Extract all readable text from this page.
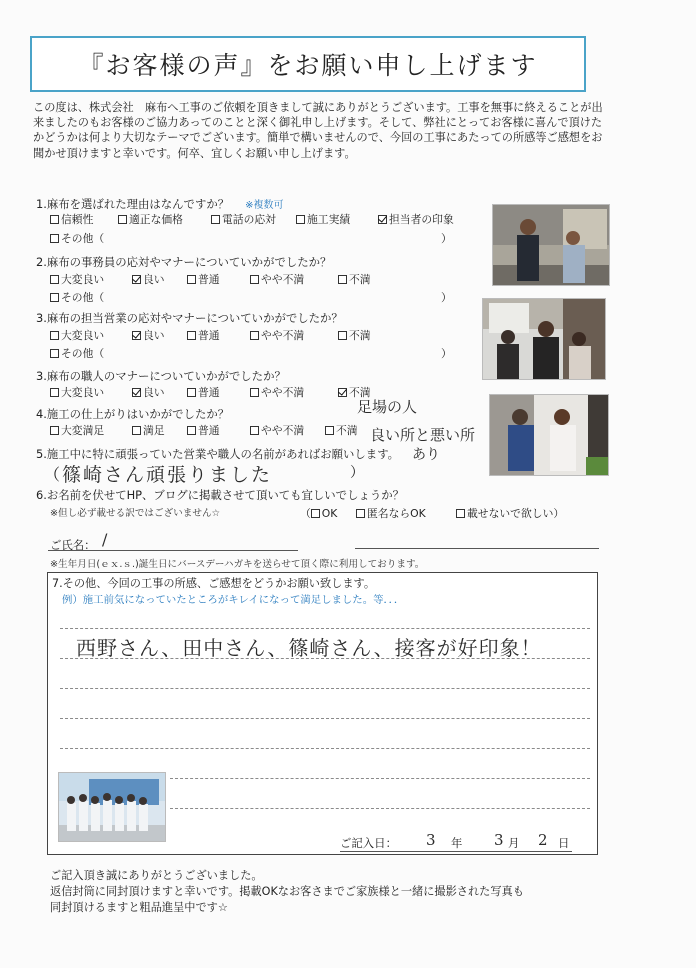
『お客様の声』をお願い申し上げます
この度は、株式会社　麻布へ工事のご依頼を頂きまして誠にありがとうございます。工事を無事に終えることが出来ましたのもお客様のご協力あってのことと深く御礼申し上げます。そして、弊社にとってお客様に喜んで頂けたかどうかは何より大切なテーマでございます。簡単で構いませんので、今回の工事にあたっての所感等ご感想をお聞かせ頂けますと幸いです。何卒、宜しくお願い申し上げます。
1.麻布を選ばれた理由はなんですか？ ※複数可
信頼性	適正な価格	電話の応対	施工実績	担当者の印象
その他（	）
2.麻布の事務員の応対やマナーについていかがでしたか？
大変良い	良い	普通	やや不満	不満
その他（	）
3.麻布の担当営業の応対やマナーについていかがでしたか？
大変良い	良い	普通	やや不満	不満
その他（	）
3.麻布の職人のマナーについていかがでしたか？
大変良い	良い	普通	やや不満	不満
4.施工の仕上がりはいかがでしたか？
大変満足	満足	普通	やや不満	不満
足場の人
良い所と悪い所
あり
5.施工中に特に頑張っていた営業や職人の名前があればお願いします。
（ 篠崎さん頑張りました	）
6.お名前を伏せてHP、ブログに掲載させて頂いても宜しいでしょうか？
※但し必ず載せる訳ではございません☆	（ OK	匿名ならOK	載せないで欲しい）
ご氏名： /
※生年月日(ｅｘ.ｓ.)誕生日にバースデーハガキを送らせて頂く際に利用しております。
7.その他、今回の工事の所感、ご感想をどうかお願い致します。
例）施工前気になっていたところがキレイになって満足しました。等．．．
西野さん、田中さん、篠崎さん、接客が好印象！
ご記入日： 3 年 3 月 2 日
ご記入頂き誠にありがとうございました。
返信封筒に同封頂けますと幸いです。掲載OKなお客さまでご家族様と一緒に撮影された写真も
同封頂けるますと粗品進呈中です☆
